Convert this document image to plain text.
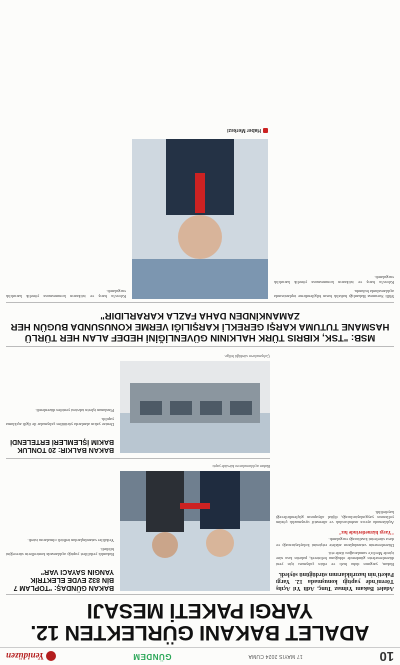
10
17 MAYIS 2024 CUMA
GÜNDEM
Yenidüzen
ADALET BAKANI GÜRLEKTEN 12. YARGI PAKETİ MESAJI

Adalet Bakanı Yılmaz Tunç, Adli Yıl Açılış Töreni'nde yaptığı konuşmada 12. Yargı Paketi'nin hazırlıklarının sürdüğünü söyledi.

Bakan, yargının daha hızlı ve etkin çalışması için yeni düzenlemelerin gündemde olduğunu belirterek, paketin kısa süre içinde Meclis'e sunulacağını ifade etti.

Düzenlemenin vatandaşların adalete erişimini kolaylaştıracağı ve dava sürelerini kısaltacağı vurgulandı.

"Yargı hizmetlerinde hız"

Açıklamada ayrıca arabuluculuk ve alternatif uyuşmazlık çözüm yollarının yaygınlaştırılacağı, dijital altyapının güçlendirileceği kaydedildi.

Bakan açıklamalarını kürsüde yaptı.
BAKAN GÜNDAŞ: "TOPLAM 7 BİN 832 EVDE ELEKTRİK YANGIN SAYACI VAR"

Bakanlık yetkilileri yaptığı açıklamada kontrollerin süreceğini bildirdi.

Yetkililer vatandaşlardan tedbirli olmalarını istedi.

Çalışmaların sürdüğü bölge.
BAKAN BALKIR: 20 TONLUK BAKIM İŞLEMLERİ ERTELENDİ

Denize yakın alanlarda yürütülen çalışmalar ile ilgili açıklama yapıldı.

Planlanan işlerin takvimi yeniden düzenlendi.

MSB: "TSK, KIBRIS TÜRK HALKININ GÜVENLİĞİNİ HEDEF ALAN HER TÜRLÜ HASMANE TUTUMA KARŞI GEREKLİ KARŞILIĞI VERME KONUSUNDA BUGÜN HER ZAMANKİNDEN DAHA FAZLA KARARLIDIR"

Milli Savunma Bakanlığı haftalık basın bilgilendirme toplantısında açıklamalarda bulundu.

Kıbrıs'ta barış ve istikrarın korunmasına yönelik kararlılık vurgulandı.

Kıbrıs'ta barış ve istikrarın korunmasına yönelik kararlılık vurgulandı.

Haber Merkezi
